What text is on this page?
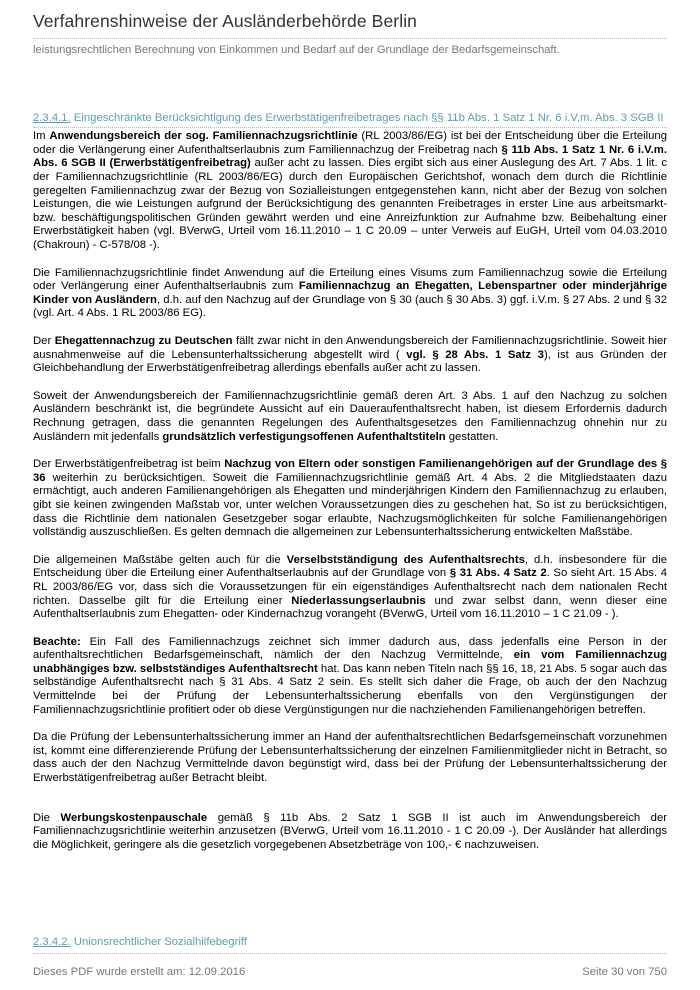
Verfahrenshinweise der Ausländerbehörde Berlin
leistungsrechtlichen Berechnung von Einkommen und Bedarf auf der Grundlage der Bedarfsgemeinschaft.
2.3.4.1. Eingeschränkte Berücksichtigung des Erwerbstätigenfreibetrages nach §§ 11b Abs. 1 Satz 1 Nr. 6 i.V.m. Abs. 3 SGB II

Im Anwendungsbereich der sog. Familiennachzugsrichtlinie (RL 2003/86/EG) ist bei der Entscheidung über die Erteilung oder die Verlängerung einer Aufenthaltserlaubnis zum Familiennachzug der Freibetrag nach § 11b Abs. 1 Satz 1 Nr. 6 i.V.m. Abs. 6 SGB II (Erwerbstätigenfreibetrag) außer acht zu lassen. Dies ergibt sich aus einer Auslegung des Art. 7 Abs. 1 lit. c der Familiennachzugsrichtlinie (RL 2003/86/EG) durch den Europäischen Gerichtshof, wonach dem durch die Richtlinie geregelten Familiennachzug zwar der Bezug von Sozialleistungen entgegenstehen kann, nicht aber der Bezug von solchen Leistungen, die wie Leistungen aufgrund der Berücksichtigung des genannten Freibetrages in erster Line aus arbeitsmarkt- bzw. beschäftigungspolitischen Gründen gewährt werden und eine Anreizfunktion zur Aufnahme bzw. Beibehaltung einer Erwerbstätigkeit haben (vgl. BVerwG, Urteil vom 16.11.2010 – 1 C 20.09 – unter Verweis auf EuGH, Urteil vom 04.03.2010 (Chakroun) - C-578/08 -).

Die Familiennachzugsrichtlinie findet Anwendung auf die Erteilung eines Visums zum Familiennachzug sowie die Erteilung oder Verlängerung einer Aufenthaltserlaubnis zum Familiennachzug an Ehegatten, Lebenspartner oder minderjährige Kinder von Ausländern, d.h. auf den Nachzug auf der Grundlage von § 30 (auch § 30 Abs. 3) ggf. i.V.m. § 27 Abs. 2 und § 32 (vgl. Art. 4 Abs. 1 RL 2003/86 EG).

Der Ehegattennachzug zu Deutschen fällt zwar nicht in den Anwendungsbereich der Familiennachzugsrichtlinie. Soweit hier ausnahmenweise auf die Lebensunterhaltssicherung abgestellt wird ( vgl. § 28 Abs. 1 Satz 3), ist aus Gründen der Gleichbehandlung der Erwerbstätigenfreibetrag allerdings ebenfalls außer acht zu lassen.

Soweit der Anwendungsbereich der Familiennachzugsrichtlinie gemäß deren Art. 3 Abs. 1 auf den Nachzug zu solchen Ausländern beschränkt ist, die begründete Aussicht auf ein Daueraufenthaltsrecht haben, ist diesem Erfordernis dadurch Rechnung getragen, dass die genannten Regelungen des Aufenthaltsgesetzes den Familiennachzug ohnehin nur zu Ausländern mit jedenfalls grundsätzlich verfestigungsoffenen Aufenthaltstiteln gestatten.

Der Erwerbstätigenfreibetrag ist beim Nachzug von Eltern oder sonstigen Familienangehörigen auf der Grundlage des § 36 weiterhin zu berücksichtigen. Soweit die Familiennachzugsrichtlinie gemäß Art. 4 Abs. 2 die Mitgliedstaaten dazu ermächtigt, auch anderen Familienangehörigen als Ehegatten und minderjährigen Kindern den Familiennachzug zu erlauben, gibt sie keinen zwingenden Maßstab vor, unter welchen Voraussetzungen dies zu geschehen hat. So ist zu berücksichtigen, dass die Richtlinie dem nationalen Gesetzgeber sogar erlaubte, Nachzugsmöglichkeiten für solche Familienangehörigen vollständig auszuschließen. Es gelten demnach die allgemeinen zur Lebensunterhaltssicherung entwickelten Maßstäbe.

Die allgemeinen Maßstäbe gelten auch für die Verselbstständigung des Aufenthaltsrechts, d.h. insbesondere für die Entscheidung über die Erteilung einer Aufenthaltserlaubnis auf der Grundlage von § 31 Abs. 4 Satz 2. So sieht Art. 15 Abs. 4 RL 2003/86/EG vor, dass sich die Voraussetzungen für ein eigenständiges Aufenthaltsrecht nach dem nationalen Recht richten. Dasselbe gilt für die Erteilung einer Niederlassungserlaubnis und zwar selbst dann, wenn dieser eine Aufenthaltserlaubnis zum Ehegatten- oder Kindernachzug vorangeht (BVerwG, Urteil vom 16.11.2010 – 1 C 21.09 - ).

Beachte: Ein Fall des Familiennachzugs zeichnet sich immer dadurch aus, dass jedenfalls eine Person in der aufenthaltsrechtlichen Bedarfsgemeinschaft, nämlich der den Nachzug Vermittelnde, ein vom Familiennachzug unabhängiges bzw. selbstständiges Aufenthaltsrecht hat. Das kann neben Titeln nach §§ 16, 18, 21 Abs. 5 sogar auch das selbständige Aufenthaltsrecht nach § 31 Abs. 4 Satz 2 sein. Es stellt sich daher die Frage, ob auch der den Nachzug Vermittelnde bei der Prüfung der Lebensunterhaltssicherung ebenfalls von den Vergünstigungen der Familiennachzugsrichtlinie profitiert oder ob diese Vergünstigungen nur die nachziehenden Familienangehörigen betreffen.

Da die Prüfung der Lebensunterhaltssicherung immer an Hand der aufenthaltsrechtlichen Bedarfsgemeinschaft vorzunehmen ist, kommt eine differenzierende Prüfung der Lebensunterhaltssicherung der einzelnen Familienmitglieder nicht in Betracht, so dass auch der den Nachzug Vermittelnde davon begünstigt wird, dass bei der Prüfung der Lebensunterhaltssicherung der Erwerbstätigenfreibetrag außer Betracht bleibt.

Die Werbungskostenpauschale gemäß § 11b Abs. 2 Satz 1 SGB II ist auch im Anwendungsbereich der Familiennachzugsrichtlinie weiterhin anzusetzen (BVerwG, Urteil vom 16.11.2010 - 1 C 20.09 -). Der Ausländer hat allerdings die Möglichkeit, geringere als die gesetzlich vorgegebenen Absetzbeträge von 100,- € nachzuweisen.

2.3.4.2. Unionsrechtlicher Sozialhilfebegriff
Dieses PDF wurde erstellt am: 12.09.2016	Seite 30 von 750
